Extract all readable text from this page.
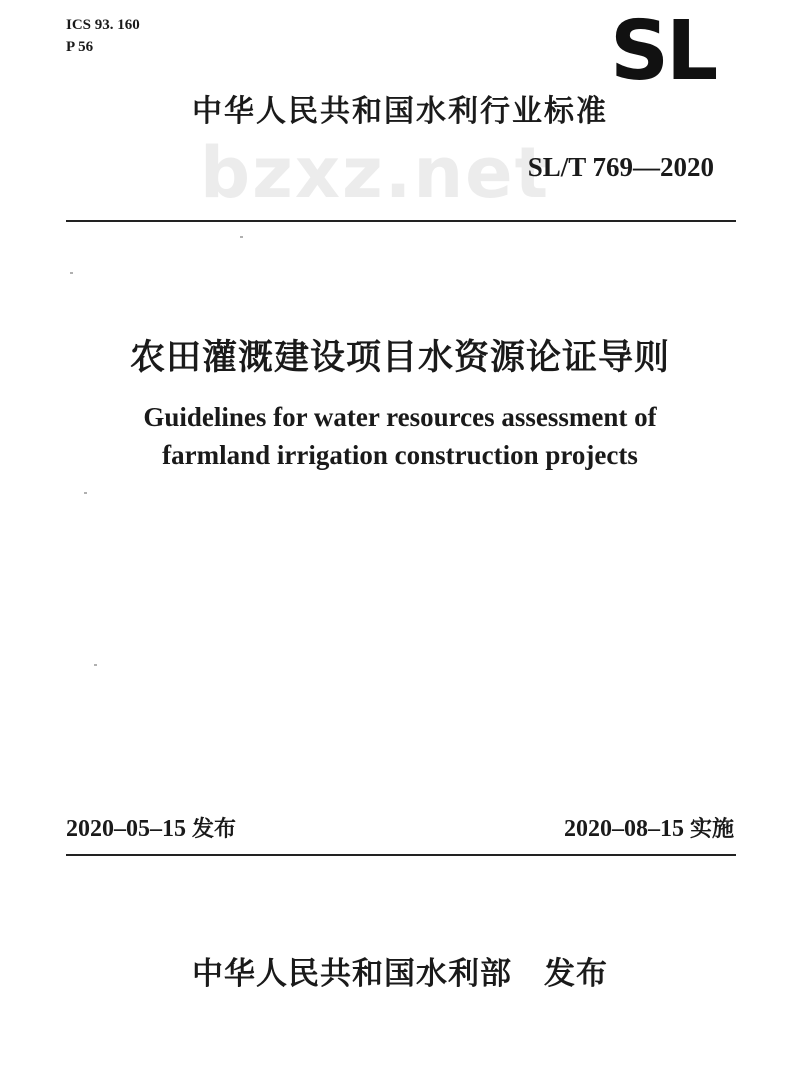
ICS 93. 160
P 56	SL
中华人民共和国水利行业标准
bzxz.net
SL/T 769—2020
农田灌溉建设项目水资源论证导则
Guidelines for water resources assessment of
farmland irrigation construction projects
2020–05–15 发布	2020–08–15 实施
中华人民共和国水利部　发布
